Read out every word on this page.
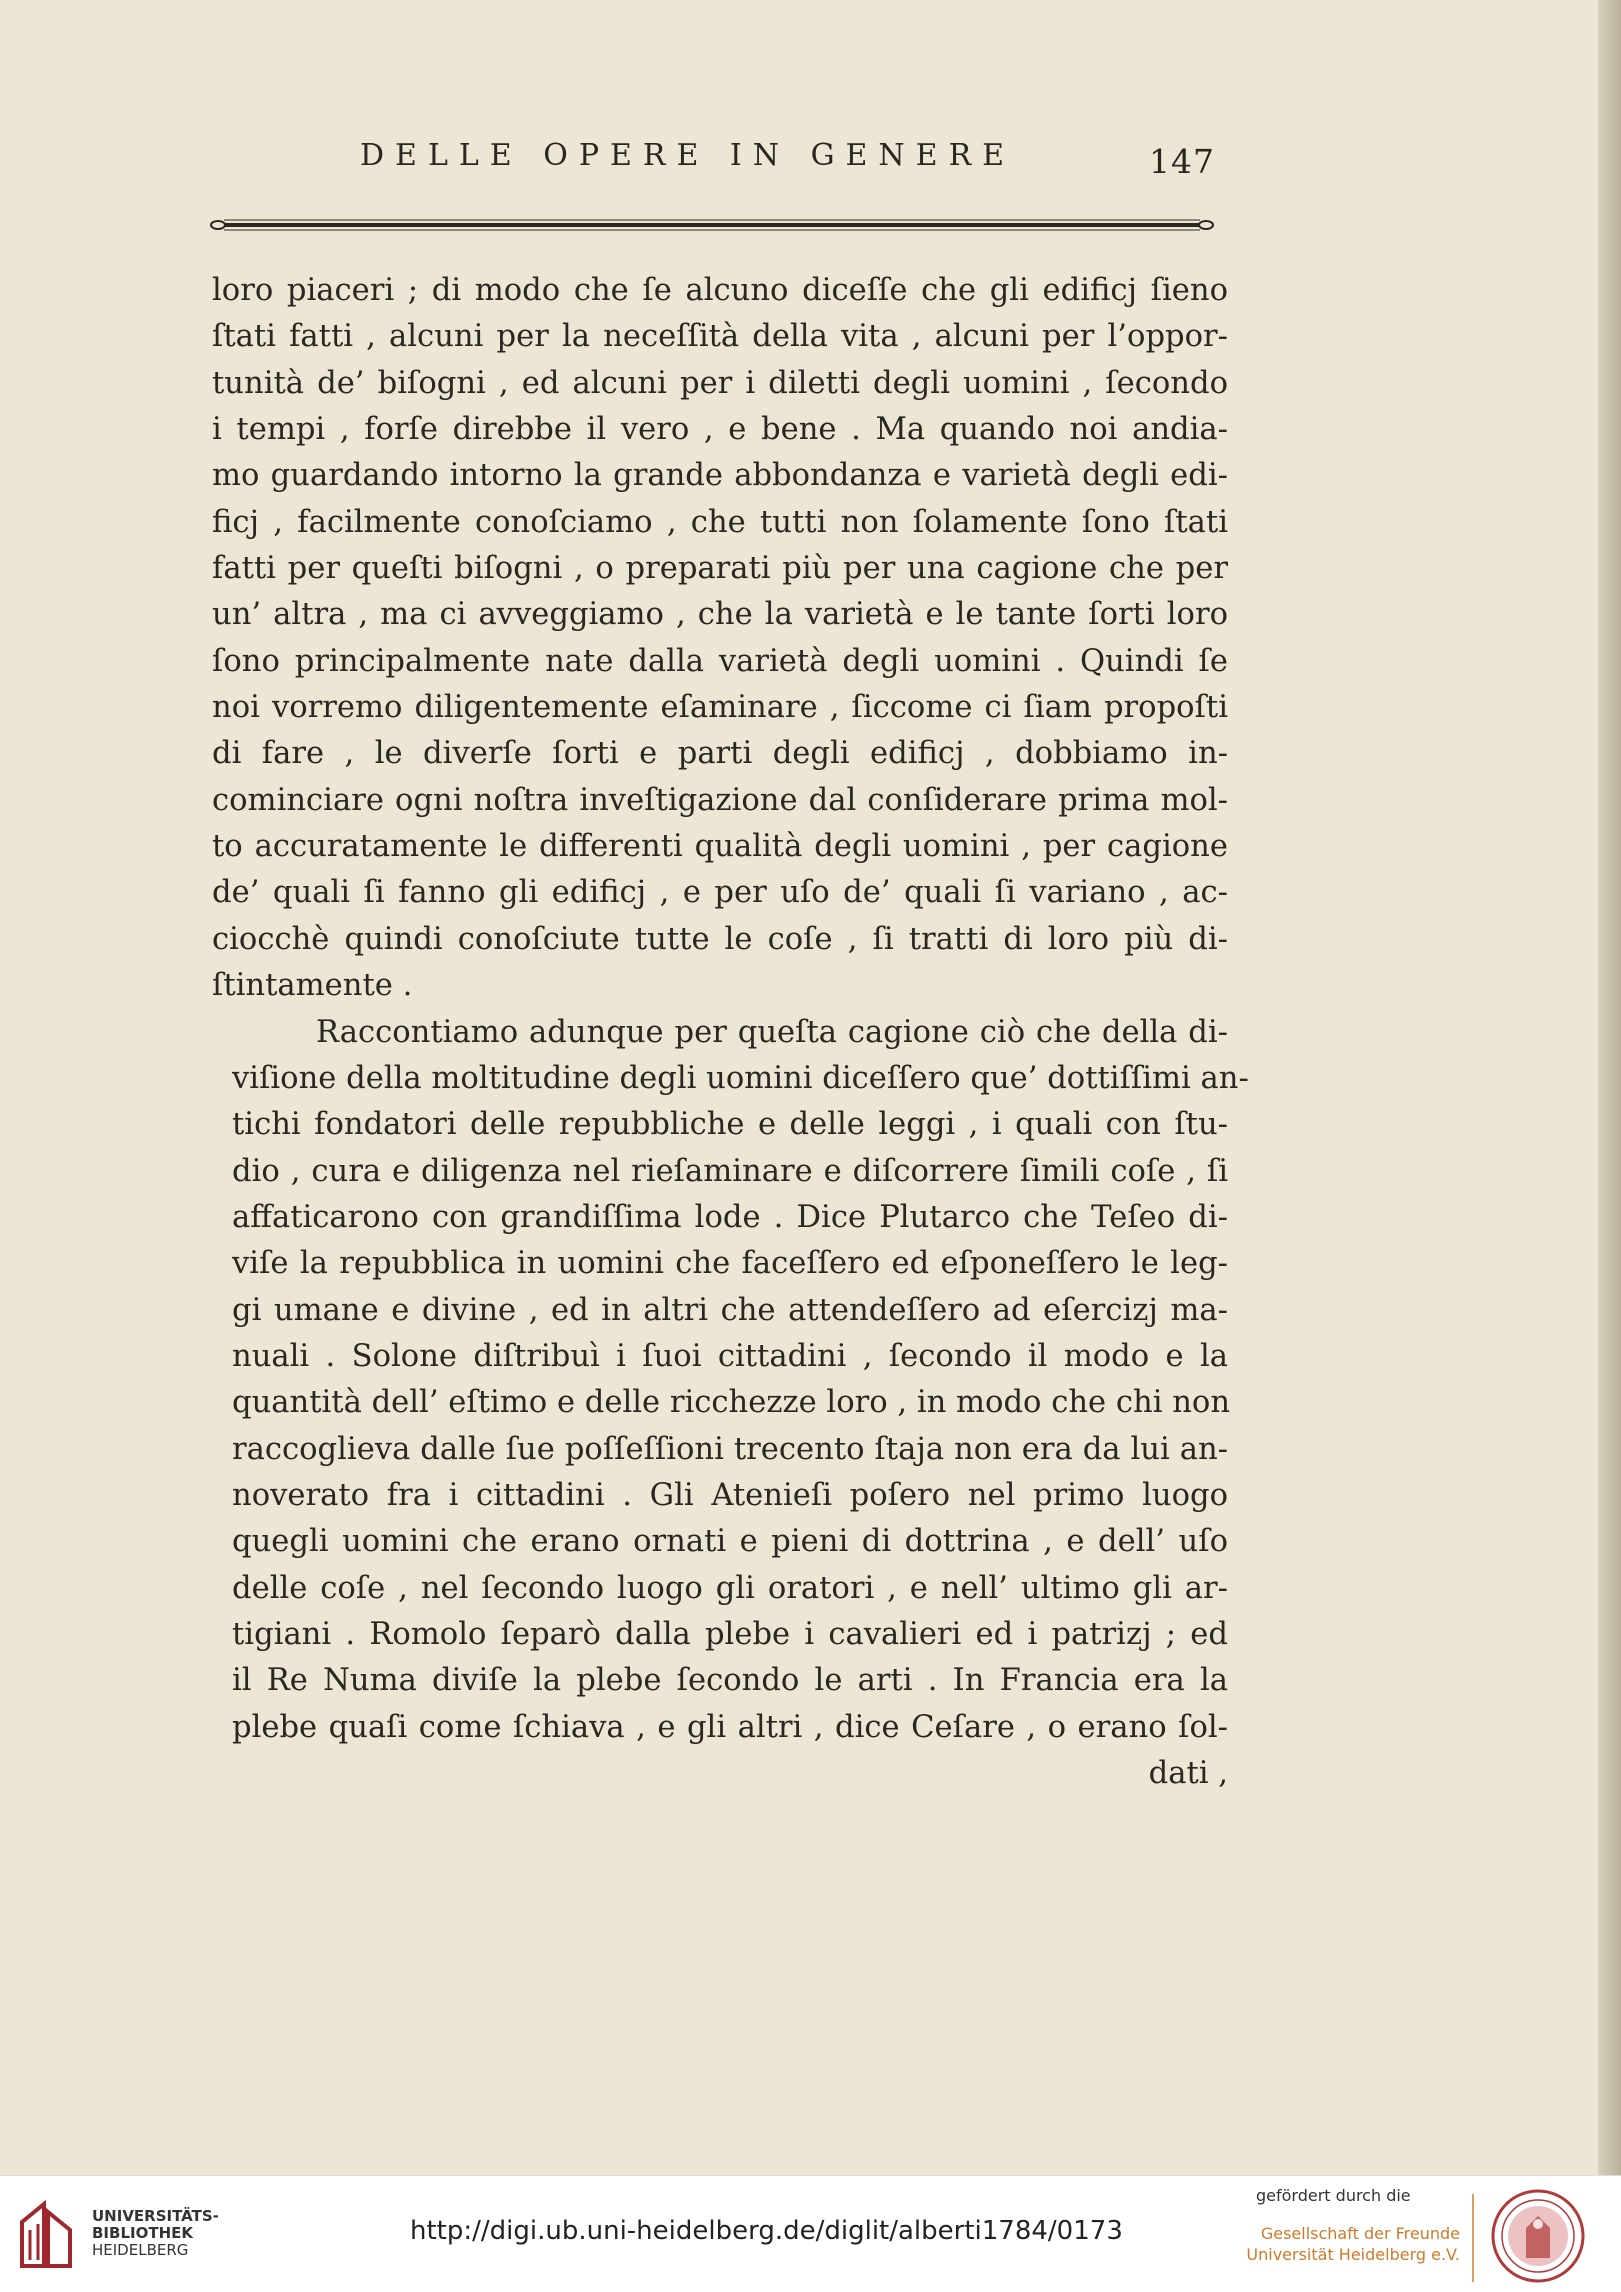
DELLE OPERE IN GENERE	147
loro piaceri ; di modo che ſe alcuno diceſſe che gli edificj ſieno
ſtati fatti , alcuni per la neceſſità della vita , alcuni per l’oppor-
tunità de’ biſogni , ed alcuni per i diletti degli uomini , ſecondo
i tempi , forſe direbbe il vero , e bene . Ma quando noi andia-
mo guardando intorno la grande abbondanza e varietà degli edi-
ficj , facilmente conoſciamo , che tutti non ſolamente ſono ſtati
fatti per queſti biſogni , o preparati più per una cagione che per
un’ altra , ma ci avveggiamo , che la varietà e le tante ſorti loro
ſono principalmente nate dalla varietà degli uomini . Quindi ſe
noi vorremo diligentemente eſaminare , ſiccome ci ſiam propoſti
di fare , le diverſe ſorti e parti degli edificj , dobbiamo in-
cominciare ogni noſtra inveſtigazione dal conſiderare prima mol-
to accuratamente le differenti qualità degli uomini , per cagione
de’ quali ſi fanno gli edificj , e per uſo de’ quali ſi variano , ac-
ciocchè quindi conoſciute tutte le coſe , ſi tratti di loro più di-
ſtintamente .
Raccontiamo adunque per queſta cagione ciò che della di-
viſione della moltitudine degli uomini diceſſero que’ dottiſſimi an-
tichi fondatori delle repubbliche e delle leggi , i quali con ſtu-
dio , cura e diligenza nel rieſaminare e diſcorrere ſimili coſe , ſi
affaticarono con grandiſſima lode . Dice Plutarco che Teſeo di-
viſe la repubblica in uomini che faceſſero ed eſponeſſero le leg-
gi umane e divine , ed in altri che attendeſſero ad eſercizj ma-
nuali . Solone diſtribuì i ſuoi cittadini , ſecondo il modo e la
quantità dell’ eſtimo e delle ricchezze loro , in modo che chi non
raccoglieva dalle ſue poſſeſſioni trecento ſtaja non era da lui an-
noverato fra i cittadini . Gli Atenieſi poſero nel primo luogo
quegli uomini che erano ornati e pieni di dottrina , e dell’ uſo
delle coſe , nel ſecondo luogo gli oratori , e nell’ ultimo gli ar-
tigiani . Romolo ſeparò dalla plebe i cavalieri ed i patrizj ; ed
il Re Numa diviſe la plebe ſecondo le arti . In Francia era la
plebe quaſi come ſchiava , e gli altri , dice Ceſare , o erano ſol-
dati ,
UNIVERSITÄTS-
BIBLIOTHEK
HEIDELBERG
http://digi.ub.uni-heidelberg.de/diglit/alberti1784/0173
gefördert durch die
Gesellschaft der Freunde
Universität Heidelberg e.V.
